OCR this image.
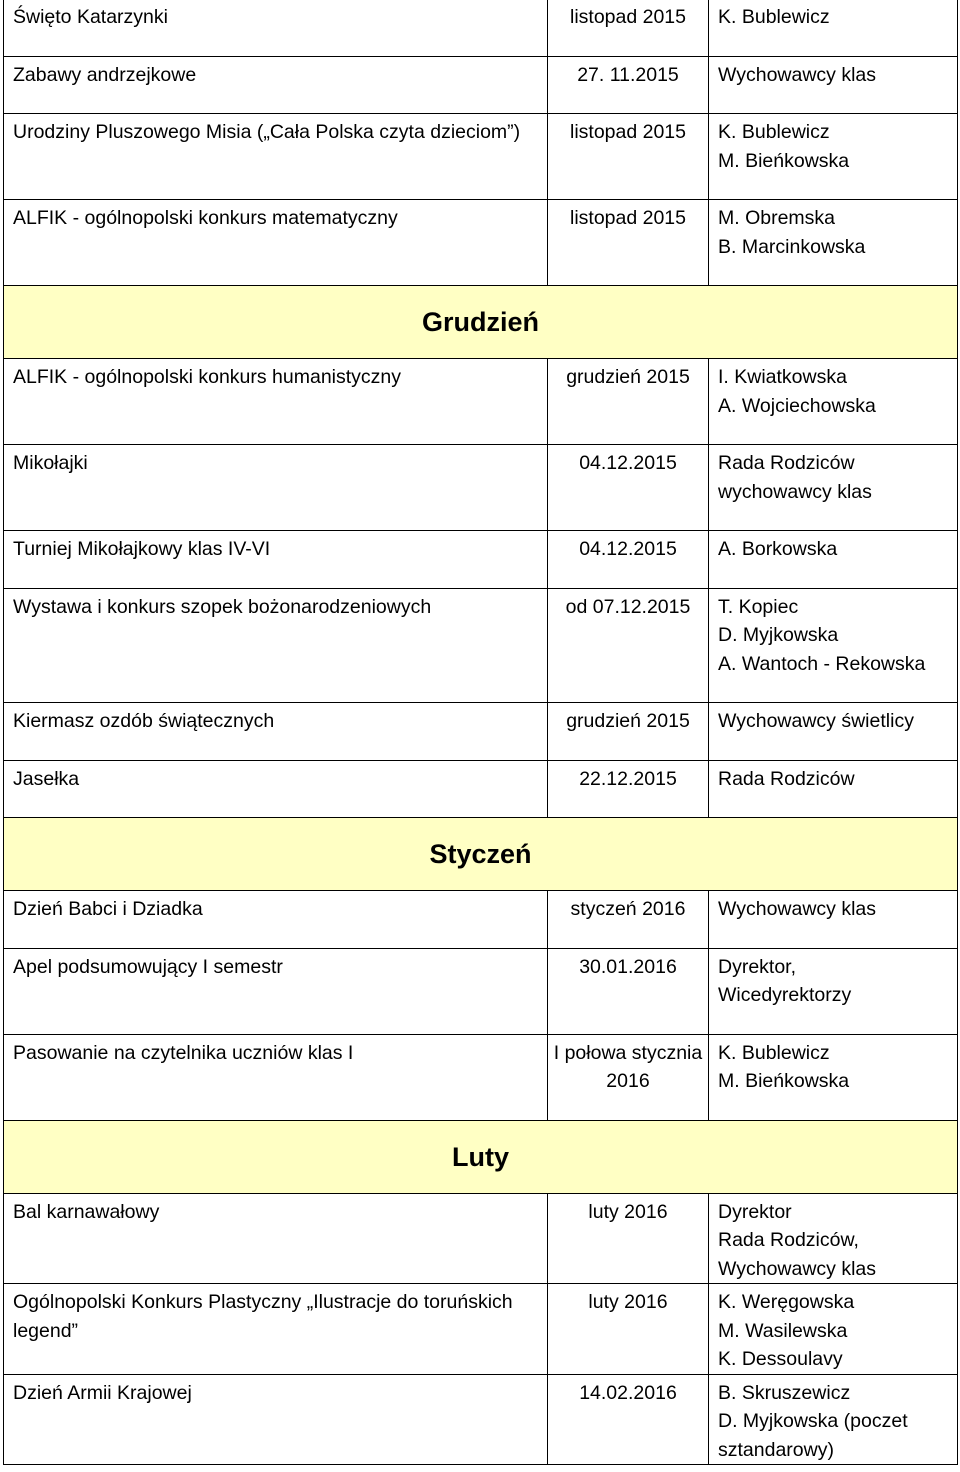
Święto Katarzynki	listopad 2015	K. Bublewicz

Zabawy andrzejkowe	27. 11.2015	Wychowawcy klas

Urodziny Pluszowego Misia („Cała Polska czyta dzieciom”)	listopad 2015	K. Bublewicz
M. Bieńkowska

ALFIK - ogólnopolski konkurs matematyczny	listopad 2015	M. Obremska
B. Marcinkowska

Grudzień		
ALFIK - ogólnopolski konkurs humanistyczny	grudzień 2015	I. Kwiatkowska
A. Wojciechowska

Mikołajki	04.12.2015	Rada Rodziców
wychowawcy klas

Turniej Mikołajkowy klas IV-VI	04.12.2015	A. Borkowska

Wystawa i konkurs szopek bożonarodzeniowych	od 07.12.2015	T. Kopiec
D. Myjkowska
A. Wantoch - Rekowska

Kiermasz ozdób świątecznych	grudzień 2015	Wychowawcy świetlicy

Jasełka	22.12.2015	Rada Rodziców

Styczeń		
Dzień Babci i Dziadka	styczeń 2016	Wychowawcy klas

Apel podsumowujący I semestr	30.01.2016	Dyrektor,
Wicedyrektorzy

Pasowanie na czytelnika uczniów klas I	I połowa stycznia 2016	K. Bublewicz
M. Bieńkowska

Luty		
Bal karnawałowy	luty 2016	Dyrektor
Rada Rodziców,
Wychowawcy klas

Ogólnopolski Konkurs Plastyczny „Ilustracje do toruńskich legend”	luty 2016	K. Weręgowska
M. Wasilewska
K. Dessoulavy

Dzień Armii Krajowej	14.02.2016	B. Skruszewicz
D. Myjkowska (poczet sztandarowy)
